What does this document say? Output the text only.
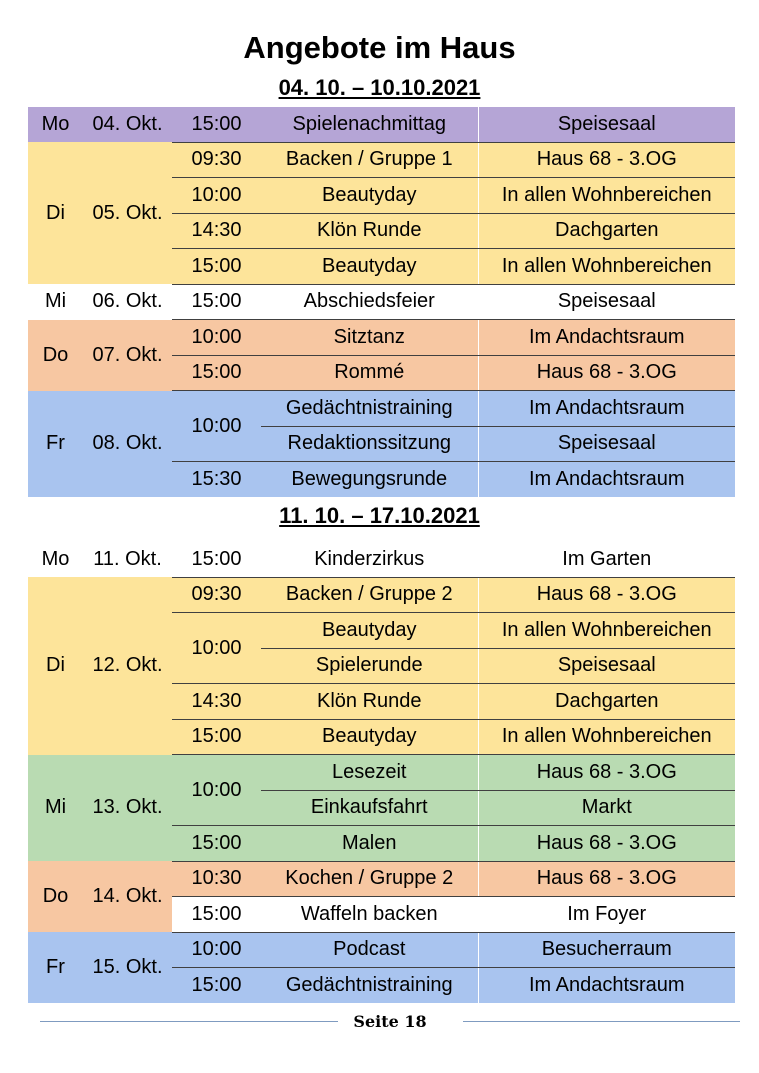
Angebote im Haus
04. 10. – 10.10.2021
Mo	04. Okt.	15:00	Spielenachmittag	Speisesaal
Di	05. Okt.	09:30	Backen / Gruppe 1	Haus 68 - 3.OG
		10:00	Beautyday	In allen Wohnbereichen
		14:30	Klön Runde	Dachgarten
		15:00	Beautyday	In allen Wohnbereichen
Mi	06. Okt.	15:00	Abschiedsfeier	Speisesaal
Do	07. Okt.	10:00	Sitztanz	Im Andachtsraum
		15:00	Rommé	Haus 68 - 3.OG
Fr	08. Okt.	10:00	Gedächtnistraining	Im Andachtsraum
			Redaktionssitzung	Speisesaal
		15:30	Bewegungsrunde	Im Andachtsraum
11. 10. – 17.10.2021
Mo	11. Okt.	15:00	Kinderzirkus	Im Garten
Di	12. Okt.	09:30	Backen / Gruppe 2	Haus 68 - 3.OG
		10:00	Beautyday	In allen Wohnbereichen
			Spielerunde	Speisesaal
		14:30	Klön Runde	Dachgarten
		15:00	Beautyday	In allen Wohnbereichen
Mi	13. Okt.	10:00	Lesezeit	Haus 68 - 3.OG
			Einkaufsfahrt	Markt
		15:00	Malen	Haus 68 - 3.OG
Do	14. Okt.	10:30	Kochen / Gruppe 2	Haus 68 - 3.OG
		15:00	Waffeln backen	Im Foyer
Fr	15. Okt.	10:00	Podcast	Besucherraum
		15:00	Gedächtnistraining	Im Andachtsraum
Seite 18
